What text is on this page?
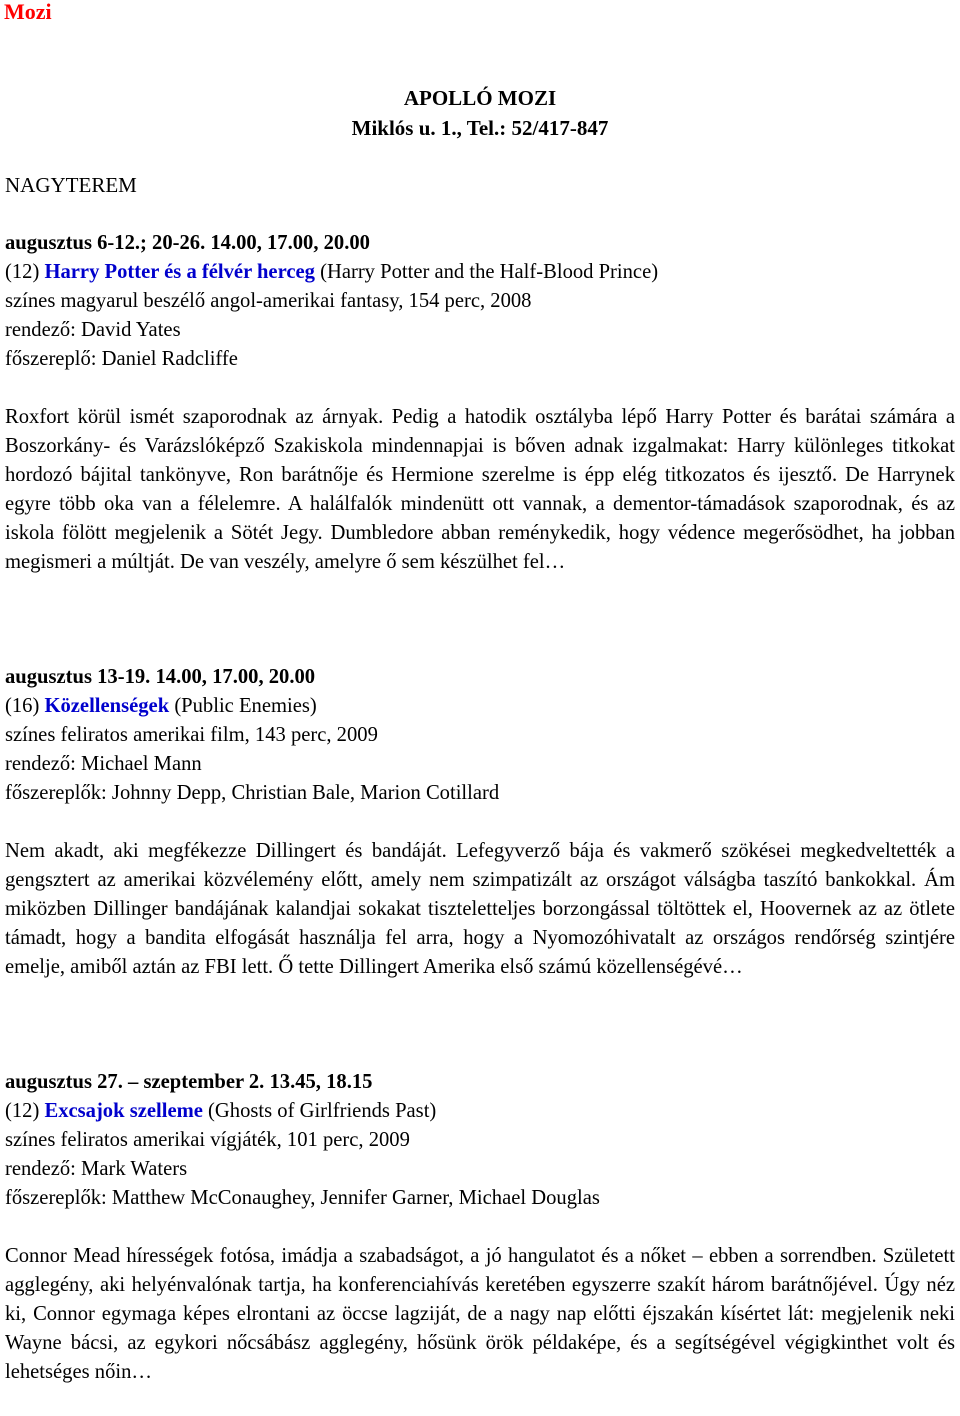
Mozi
APOLLÓ MOZI
Miklós u. 1., Tel.: 52/417-847
NAGYTEREM
augusztus 6-12.; 20-26. 14.00, 17.00, 20.00
(12) Harry Potter és a félvér herceg (Harry Potter and the Half-Blood Prince)
színes magyarul beszélő angol-amerikai fantasy, 154 perc, 2008
rendező: David Yates
főszereplő: Daniel Radcliffe
Roxfort körül ismét szaporodnak az árnyak. Pedig a hatodik osztályba lépő Harry Potter és barátai számára a Boszorkány- és Varázslóképző Szakiskola mindennapjai is bőven adnak izgalmakat: Harry különleges titkokat hordozó bájital tankönyve, Ron barátnője és Hermione szerelme is épp elég titkozatos és ijesztő. De Harrynek egyre több oka van a félelemre. A halálfalók mindenütt ott vannak, a dementor-támadások szaporodnak, és az iskola fölött megjelenik a Sötét Jegy. Dumbledore abban reménykedik, hogy védence megerősödhet, ha jobban megismeri a múltját. De van veszély, amelyre ő sem készülhet fel…
augusztus 13-19. 14.00, 17.00, 20.00
(16) Közellenségek (Public Enemies)
színes feliratos amerikai film, 143 perc, 2009
rendező: Michael Mann
főszereplők: Johnny Depp, Christian Bale, Marion Cotillard
Nem akadt, aki megfékezze Dillingert és bandáját. Lefegyverző bája és vakmerő szökései megkedveltették a gengsztert az amerikai közvélemény előtt, amely nem szimpatizált az országot válságba taszító bankokkal. Ám miközben Dillinger bandájának kalandjai sokakat tiszteletteljes borzongással töltöttek el, Hoovernek az az ötlete támadt, hogy a bandita elfogását használja fel arra, hogy a Nyomozóhivatalt az országos rendőrség szintjére emelje, amiből aztán az FBI lett. Ő tette Dillingert Amerika első számú közellenségévé…
augusztus 27. – szeptember 2. 13.45, 18.15
(12) Excsajok szelleme (Ghosts of Girlfriends Past)
színes feliratos amerikai vígjáték, 101 perc, 2009
rendező: Mark Waters
főszereplők: Matthew McConaughey, Jennifer Garner, Michael Douglas
Connor Mead hírességek fotósa, imádja a szabadságot, a jó hangulatot és a nőket – ebben a sorrendben. Született agglegény, aki helyénvalónak tartja, ha konferenciahívás keretében egyszerre szakít három barátnőjével. Úgy néz ki, Connor egymaga képes elrontani az öccse lagziját, de a nagy nap előtti éjszakán kísértet lát: megjelenik neki Wayne bácsi, az egykori nőcsábász agglegény, hősünk örök példaképe, és a segítségével végigkinthet volt és lehetséges nőin…
